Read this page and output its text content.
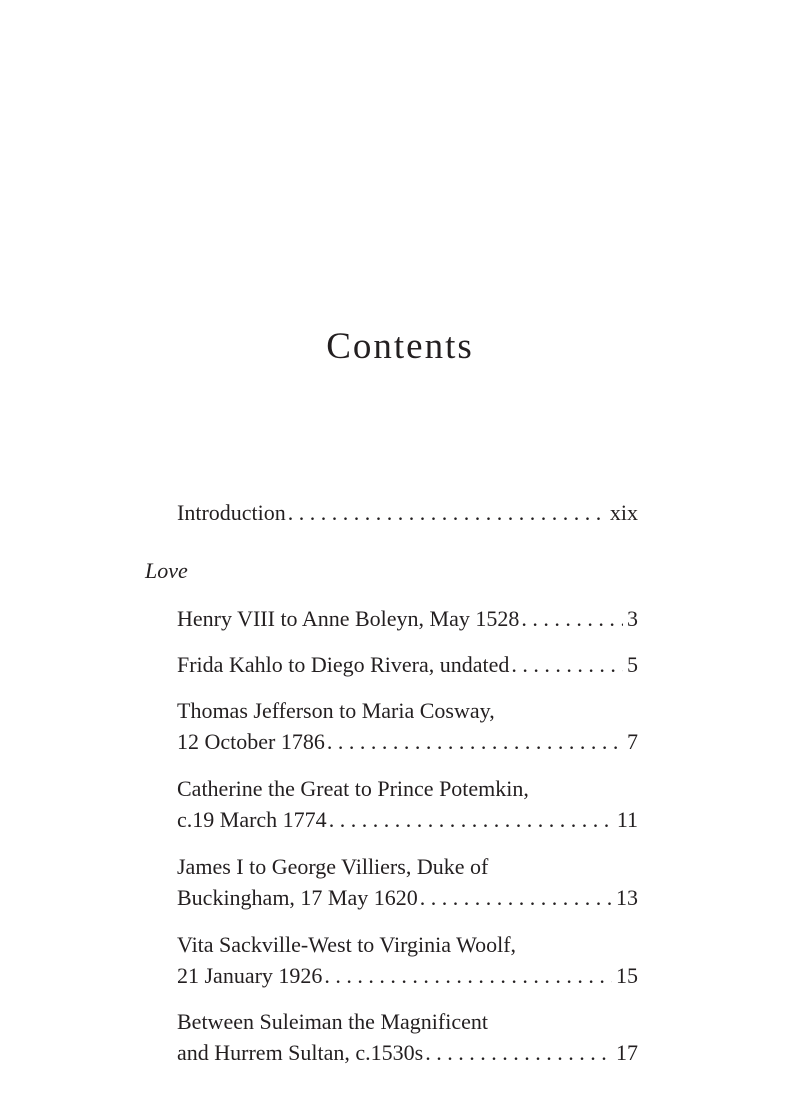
Contents
Introduction . . .	xix
Love
Henry VIII to Anne Boleyn, May 1528 . . .	3
Frida Kahlo to Diego Rivera, undated . . .	5
Thomas Jefferson to Maria Cosway,
12 October 1786 . . .	7
Catherine the Great to Prince Potemkin,
c.19 March 1774 . . .	11
James I to George Villiers, Duke of
Buckingham, 17 May 1620 . . .	13
Vita Sackville-West to Virginia Woolf,
21 January 1926 . . .	15
Between Suleiman the Magnificent
and Hurrem Sultan, c.1530s . . .	17
